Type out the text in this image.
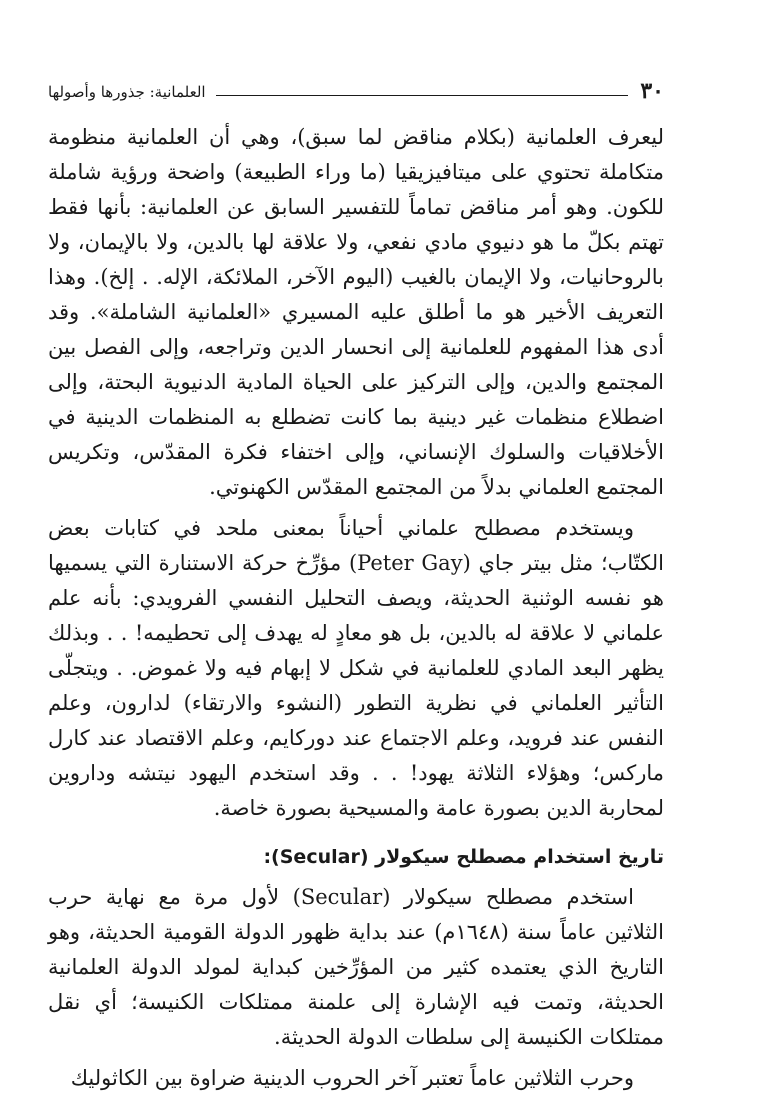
٣٠
العلمانية: جذورها وأصولها

ليعرف العلمانية (بكلام مناقض لما سبق)، وهي أن العلمانية منظومة متكاملة تحتوي على ميتافيزيقيا (ما وراء الطبيعة) واضحة ورؤية شاملة للكون. وهو أمر مناقض تماماً للتفسير السابق عن العلمانية: بأنها فقط تهتم بكلّ ما هو دنيوي مادي نفعي، ولا علاقة لها بالدين، ولا بالإيمان، ولا بالروحانيات، ولا الإيمان بالغيب (اليوم الآخر، الملائكة، الإله. . إلخ). وهذا التعريف الأخير هو ما أطلق عليه المسيري «العلمانية الشاملة». وقد أدى هذا المفهوم للعلمانية إلى انحسار الدين وتراجعه، وإلى الفصل بين المجتمع والدين، وإلى التركيز على الحياة المادية الدنيوية البحتة، وإلى اضطلاع منظمات غير دينية بما كانت تضطلع به المنظمات الدينية في الأخلاقيات والسلوك الإنساني، وإلى اختفاء فكرة المقدّس، وتكريس المجتمع العلماني بدلاً من المجتمع المقدّس الكهنوتي.

ويستخدم مصطلح علماني أحياناً بمعنى ملحد في كتابات بعض الكتّاب؛ مثل بيتر جاي (Peter Gay) مؤرِّخ حركة الاستنارة التي يسميها هو نفسه الوثنية الحديثة، ويصف التحليل النفسي الفرويدي: بأنه علم علماني لا علاقة له بالدين، بل هو معادٍ له يهدف إلى تحطيمه! . . وبذلك يظهر البعد المادي للعلمانية في شكل لا إبهام فيه ولا غموض. . ويتجلّى التأثير العلماني في نظرية التطور (النشوء والارتقاء) لدارون، وعلم النفس عند فرويد، وعلم الاجتماع عند دوركايم، وعلم الاقتصاد عند كارل ماركس؛ وهؤلاء الثلاثة يهود! . . وقد استخدم اليهود نيتشه وداروين لمحاربة الدين بصورة عامة والمسيحية بصورة خاصة.

تاريخ استخدام مصطلح سيكولار (Secular):

استخدم مصطلح سيكولار (Secular) لأول مرة مع نهاية حرب الثلاثين عاماً سنة (١٦٤٨م) عند بداية ظهور الدولة القومية الحديثة، وهو التاريخ الذي يعتمده كثير من المؤرِّخين كبداية لمولد الدولة العلمانية الحديثة، وتمت فيه الإشارة إلى علمنة ممتلكات الكنيسة؛ أي نقل ممتلكات الكنيسة إلى سلطات الدولة الحديثة.

وحرب الثلاثين عاماً تعتبر آخر الحروب الدينية ضراوة بين الكاثوليك
